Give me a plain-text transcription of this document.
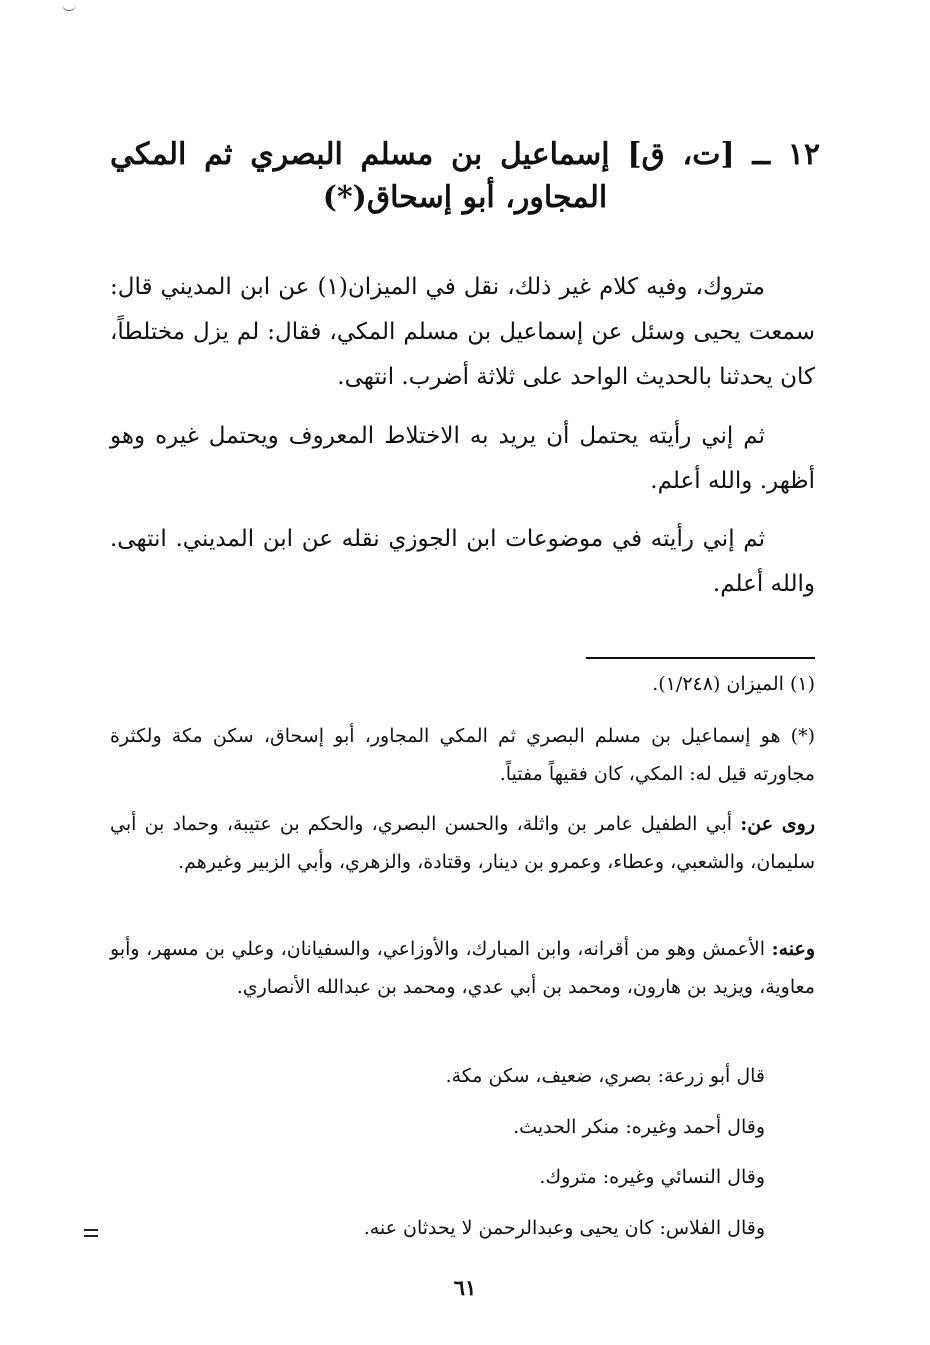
١٢ ــ [ت، ق] إسماعيل بن مسلم البصري ثم المكي
المجاور، أبو إسحاق(*)
متروك، وفيه كلام غير ذلك، نقل في الميزان(١) عن ابن المديني قال: سمعت يحيى وسئل عن إسماعيل بن مسلم المكي، فقال: لم يزل مختلطاً، كان يحدثنا بالحديث الواحد على ثلاثة أضرب. انتهى.
ثم إني رأيته يحتمل أن يريد به الاختلاط المعروف ويحتمل غيره وهو أظهر. والله أعلم.
ثم إني رأيته في موضوعات ابن الجوزي نقله عن ابن المديني. انتهى. والله أعلم.
(١) الميزان (١/٢٤٨).
(*) هو إسماعيل بن مسلم البصري ثم المكي المجاور، أبو إسحاق، سكن مكة ولكثرة مجاورته قيل له: المكي، كان فقيهاً مفتياً.
روى عن: أبي الطفيل عامر بن واثلة، والحسن البصري، والحكم بن عتيبة، وحماد بن أبي سليمان، والشعبي، وعطاء، وعمرو بن دينار، وقتادة، والزهري، وأبي الزبير وغيرهم.
وعنه: الأعمش وهو من أقرانه، وابن المبارك، والأوزاعي، والسفيانان، وعلي بن مسهر، وأبو معاوية، ويزيد بن هارون، ومحمد بن أبي عدي، ومحمد بن عبدالله الأنصاري.
قال أبو زرعة: بصري، ضعيف، سكن مكة.
وقال أحمد وغيره: منكر الحديث.
وقال النسائي وغيره: متروك.
وقال الفلاس: كان يحيى وعبدالرحمن لا يحدثان عنه.
٦١
